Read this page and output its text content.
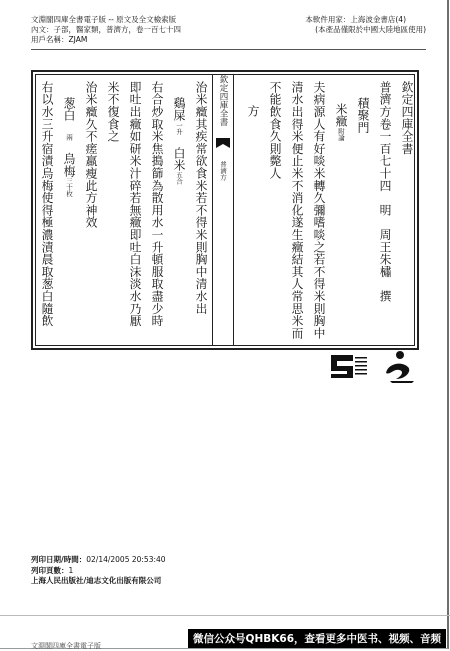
文淵閣四庫全書電子版 -- 原文及全文檢索版
內文：子部，醫家類，普濟方，卷一百七十四
用戶名稱：ZJAM
本軟件用家：上海波金書店(4)
(本產品僅限於中國大陸地區使用)
欽定四庫全書
普濟方卷一百七十四　明　周王朱橚　撰
積聚門
米癥附論
夫病源人有好啖米轉久彌嗜啖之若不得米則胸中
清水出得米便止米不消化遂生癥結其人常思米而
不能飲食久則斃人
方
欽定四庫全書
普濟方
治米癥其疾常欲食米若不得米則胸中清水出
鷄屎一升　白米五合
右合炒取米焦搗篩為散用水一升頓服取盡少時
即吐出癥如研米汁碎若無癥即吐白沫淡水乃厭
米不復食之
治米癥久不瘥羸瘦此方神效
葱白　兩　烏梅三十枚
右以水三升宿漬烏梅使得極濃漬晨取葱白隨飲
列印日期/時間：02/14/2005 20:53:40
列印頁數：1
上海人民出版社/迪志文化出版有限公司
文淵閣四庫全書電子版
微信公众号QHBK66，查看更多中医书、视频、音频
